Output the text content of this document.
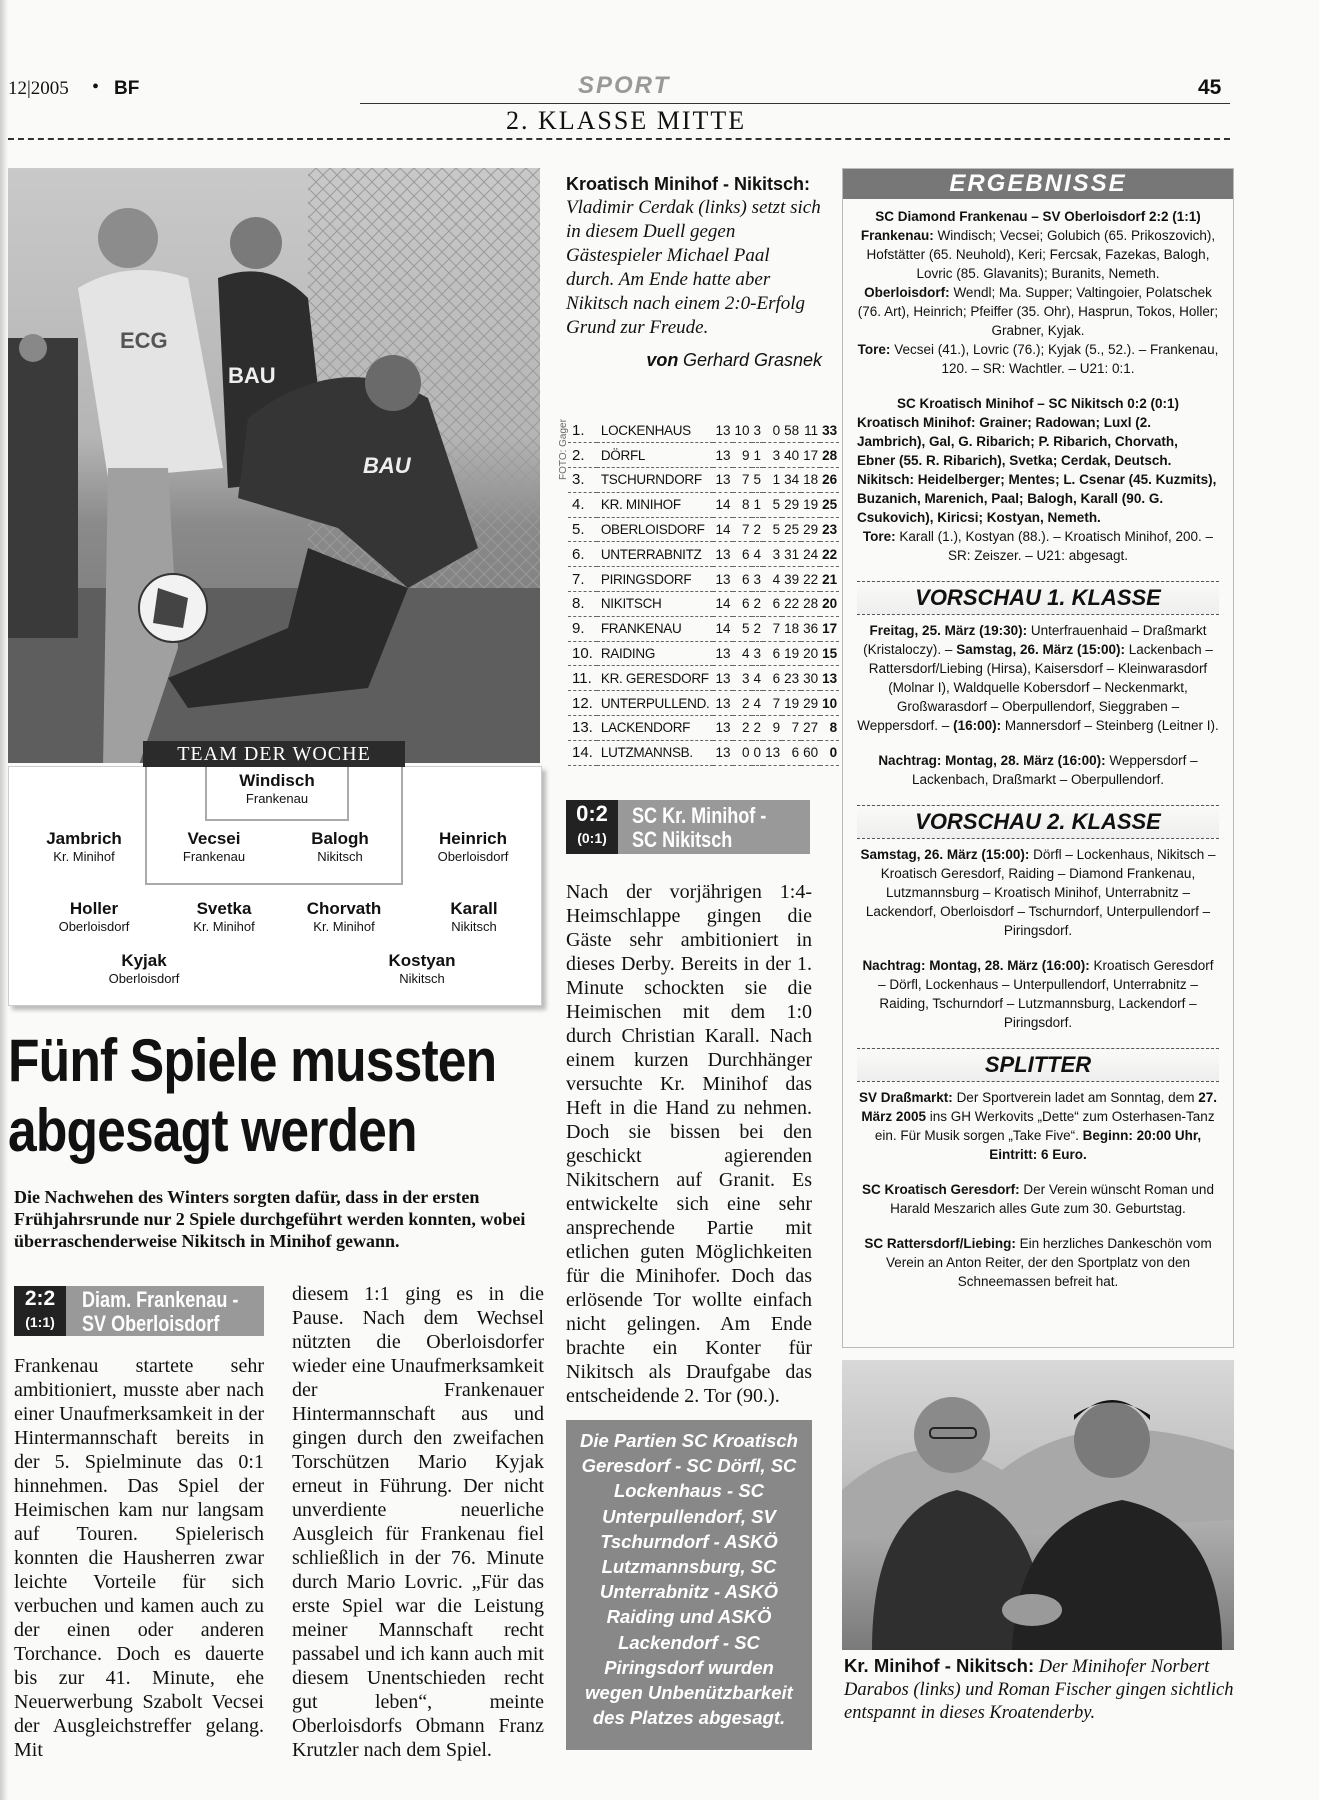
12|2005 • BF	SPORT	45
2. KLASSE MITTE
ECG
BAU
BAU	FOTO: Gager
Kroatisch Minihof - Nikitsch:
Vladimir Cerdak (links) setzt sich in diesem Duell gegen Gästespieler Michael Paal durch. Am Ende hatte aber Nikitsch nach einem 2:0-Erfolg Grund zur Freude.
von Gerhard Grasnek
1.	LOCKENHAUS	13	10	3	0	58	11	33
2.	DÖRFL	13	9	1	3	40	17	28
3.	TSCHURNDORF	13	7	5	1	34	18	26
4.	KR. MINIHOF	14	8	1	5	29	19	25
5.	OBERLOISDORF	14	7	2	5	25	29	23
6.	UNTERRABNITZ	13	6	4	3	31	24	22
7.	PIRINGSDORF	13	6	3	4	39	22	21
8.	NIKITSCH	14	6	2	6	22	28	20
9.	FRANKENAU	14	5	2	7	18	36	17
10.	RAIDING	13	4	3	6	19	20	15
11.	KR. GERESDORF	13	3	4	6	23	30	13
12.	UNTERPULLEND.	13	2	4	7	19	29	10
13.	LACKENDORF	13	2	2	9	7	27	8
14.	LUTZMANNSB.	13	0	0	13	6	60	0
TEAM DER WOCHE
Windisch
Frankenau
Jambrich
Kr. Minihof
Vecsei
Frankenau
Balogh
Nikitsch
Heinrich
Oberloisdorf
Holler
Oberloisdorf
Svetka
Kr. Minihof
Chorvath
Kr. Minihof
Karall
Nikitsch
Kyjak
Oberloisdorf
Kostyan
Nikitsch
Fünf Spiele mussten abgesagt werden
Die Nachwehen des Winters sorgten dafür, dass in der ersten Frühjahrsrunde nur 2 Spiele durchgeführt werden konnten, wobei überraschenderweise Nikitsch in Minihof gewann.
2:2
(1:1)
Diam. Frankenau -
SV Oberloisdorf
Frankenau startete sehr ambitioniert, musste aber nach einer Unaufmerksamkeit in der Hintermannschaft bereits in der 5. Spielminute das 0:1 hinnehmen. Das Spiel der Heimischen kam nur langsam auf Touren. Spielerisch konnten die Hausherren zwar leichte Vorteile für sich verbuchen und kamen auch zu der einen oder anderen Torchance. Doch es dauerte bis zur 41. Minute, ehe Neuerwerbung Szabolt Vecsei der Ausgleichstreffer gelang. Mit
diesem 1:1 ging es in die Pause. Nach dem Wechsel nützten die Oberloisdorfer wieder eine Unaufmerksamkeit der Frankenauer Hintermannschaft aus und gingen durch den zweifachen Torschützen Mario Kyjak erneut in Führung. Der nicht unverdiente neuerliche Ausgleich für Frankenau fiel schließlich in der 76. Minute durch Mario Lovric. „Für das erste Spiel war die Leistung meiner Mannschaft recht passabel und ich kann auch mit diesem Unentschieden recht gut leben“, meinte Oberloisdorfs Obmann Franz Krutzler nach dem Spiel.
0:2
(0:1)
SC Kr. Minihof -
SC Nikitsch
Nach der vorjährigen 1:4-Heimschlappe gingen die Gäste sehr ambitioniert in dieses Derby. Bereits in der 1. Minute schockten sie die Heimischen mit dem 1:0 durch Christian Karall. Nach einem kurzen Durchhänger versuchte Kr. Minihof das Heft in die Hand zu nehmen. Doch sie bissen bei den geschickt agierenden Nikitschern auf Granit. Es entwickelte sich eine sehr ansprechende Partie mit etlichen guten Möglichkeiten für die Minihofer. Doch das erlösende Tor wollte einfach nicht gelingen. Am Ende brachte ein Konter für Nikitsch als Draufgabe das entscheidende 2. Tor (90.).
Die Partien SC Kroatisch Geresdorf - SC Dörfl, SC Lockenhaus - SC Unterpullendorf, SV Tschurndorf - ASKÖ Lutzmannsburg, SC Unterrabnitz - ASKÖ Raiding und ASKÖ Lackendorf - SC Piringsdorf wurden wegen Unbenützbarkeit des Platzes abgesagt.
ERGEBNISSE

SC Diamond Frankenau – SV Oberloisdorf 2:2 (1:1)

Frankenau: Windisch; Vecsei; Golubich (65. Prikoszovich), Hofstätter (65. Neuhold), Keri; Fercsak, Fazekas, Balogh, Lovric (85. Glavanits); Buranits, Nemeth.

Oberloisdorf: Wendl; Ma. Supper; Valtingoier, Polatschek (76. Art), Heinrich; Pfeiffer (35. Ohr), Hasprun, Tokos, Holler; Grabner, Kyjak.

Tore: Vecsei (41.), Lovric (76.); Kyjak (5., 52.). – Frankenau, 120. – SR: Wachtler. – U21: 0:1.

SC Kroatisch Minihof – SC Nikitsch 0:2 (0:1)

Kroatisch Minihof: Grainer; Radowan; Luxl (2. Jambrich), Gal, G. Ribarich; P. Ribarich, Chorvath, Ebner (55. R. Ribarich), Svetka; Cerdak, Deutsch.

Nikitsch: Heidelberger; Mentes; L. Csenar (45. Kuzmits), Buzanich, Marenich, Paal; Balogh, Karall (90. G. Csukovich), Kiricsi; Kostyan, Nemeth.

Tore: Karall (1.), Kostyan (88.). – Kroatisch Minihof, 200. – SR: Zeiszer. – U21: abgesagt.

VORSCHAU 1. KLASSE

Freitag, 25. März (19:30): Unterfrauenhaid – Draßmarkt (Kristaloczy). – Samstag, 26. März (15:00): Lackenbach – Rattersdorf/Liebing (Hirsa), Kaisersdorf – Kleinwarasdorf (Molnar I), Waldquelle Kobersdorf – Neckenmarkt, Großwarasdorf – Oberpullendorf, Sieggraben – Weppersdorf. – (16:00): Mannersdorf – Steinberg (Leitner I).

Nachtrag: Montag, 28. März (16:00): Weppersdorf – Lackenbach, Draßmarkt – Oberpullendorf.

VORSCHAU 2. KLASSE

Samstag, 26. März (15:00): Dörfl – Lockenhaus, Nikitsch – Kroatisch Geresdorf, Raiding – Diamond Frankenau, Lutzmannsburg – Kroatisch Minihof, Unterrabnitz – Lackendorf, Oberloisdorf – Tschurndorf, Unterpullendorf – Piringsdorf.

Nachtrag: Montag, 28. März (16:00): Kroatisch Geresdorf – Dörfl, Lockenhaus – Unterpullendorf, Unterrabnitz – Raiding, Tschurndorf – Lutzmannsburg, Lackendorf – Piringsdorf.

SPLITTER

SV Draßmarkt: Der Sportverein ladet am Sonntag, dem 27. März 2005 ins GH Werkovits „Dette“ zum Osterhasen-Tanz ein. Für Musik sorgen „Take Five“. Beginn: 20:00 Uhr, Eintritt: 6 Euro.

SC Kroatisch Geresdorf: Der Verein wünscht Roman und Harald Meszarich alles Gute zum 30. Geburtstag.

SC Rattersdorf/Liebing: Ein herzliches Dankeschön vom Verein an Anton Reiter, der den Sportplatz von den Schneemassen befreit hat.

Kr. Minihof - Nikitsch: Der Minihofer Norbert Darabos (links) und Roman Fischer gingen sichtlich entspannt in dieses Kroatenderby.
